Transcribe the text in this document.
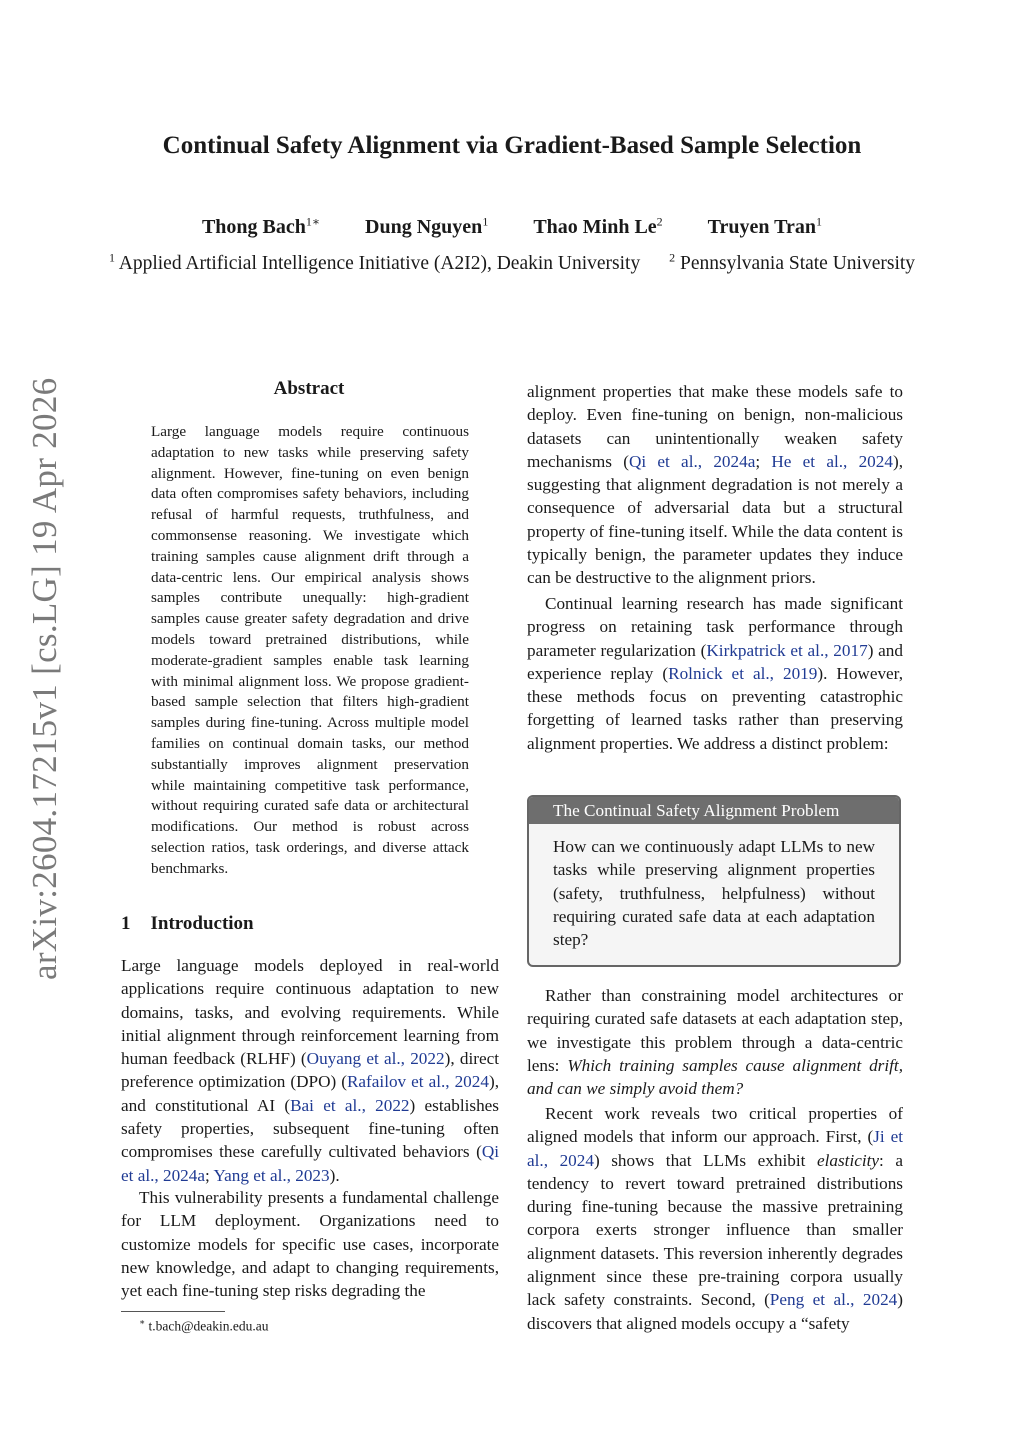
arXiv:2604.17215v1 [cs.LG] 19 Apr 2026
Continual Safety Alignment via Gradient-Based Sample Selection
Thong Bach$^{1∗}$ Dung Nguyen$^1$ Thao Minh Le$^2$ Truyen Tran$^1$
$^1$ Applied Artificial Intelligence Initiative (A2I2), Deakin University $^2$ Pennsylvania State University
Abstract

Large language models require continuous adaptation to new tasks while preserving safety alignment. However, fine-tuning on even benign data often compromises safety behaviors, including refusal of harmful requests, truthfulness, and commonsense reasoning. We investigate which training samples cause alignment drift through a data-centric lens. Our empirical analysis shows samples contribute unequally: high-gradient samples cause greater safety degradation and drive models toward pretrained distributions, while moderate-gradient samples enable task learning with minimal alignment loss. We propose gradient-based sample selection that filters high-gradient samples during fine-tuning. Across multiple model families on continual domain tasks, our method substantially improves alignment preservation while maintaining competitive task performance, without requiring curated safe data or architectural modifications. Our method is robust across selection ratios, task orderings, and diverse attack benchmarks.

1 Introduction

Large language models deployed in real-world applications require continuous adaptation to new domains, tasks, and evolving requirements. While initial alignment through reinforcement learning from human feedback (RLHF) (Ouyang et al., 2022), direct preference optimization (DPO) (Rafailov et al., 2024), and constitutional AI (Bai et al., 2022) establishes safety properties, subsequent fine-tuning often compromises these carefully cultivated behaviors (Qi et al., 2024a; Yang et al., 2023).

This vulnerability presents a fundamental challenge for LLM deployment. Organizations need to customize models for specific use cases, incorporate new knowledge, and adapt to changing requirements, yet each fine-tuning step risks degrading the

∗ t.bach@deakin.edu.au

alignment properties that make these models safe to deploy. Even fine-tuning on benign, non-malicious datasets can unintentionally weaken safety mechanisms (Qi et al., 2024a; He et al., 2024), suggesting that alignment degradation is not merely a consequence of adversarial data but a structural property of fine-tuning itself. While the data content is typically benign, the parameter updates they induce can be destructive to the alignment priors.

Continual learning research has made significant progress on retaining task performance through parameter regularization (Kirkpatrick et al., 2017) and experience replay (Rolnick et al., 2019). However, these methods focus on preventing catastrophic forgetting of learned tasks rather than preserving alignment properties. We address a distinct problem:

The Continual Safety Alignment Problem

How can we continuously adapt LLMs to new tasks while preserving alignment properties (safety, truthfulness, helpfulness) without requiring curated safe data at each adaptation step?

Rather than constraining model architectures or requiring curated safe datasets at each adaptation step, we investigate this problem through a data-centric lens: Which training samples cause alignment drift, and can we simply avoid them?

Recent work reveals two critical properties of aligned models that inform our approach. First, (Ji et al., 2024) shows that LLMs exhibit elasticity: a tendency to revert toward pretrained distributions during fine-tuning because the massive pretraining corpora exerts stronger influence than smaller alignment datasets. This reversion inherently degrades alignment since these pre-training corpora usually lack safety constraints. Second, (Peng et al., 2024) discovers that aligned models occupy a “safety
